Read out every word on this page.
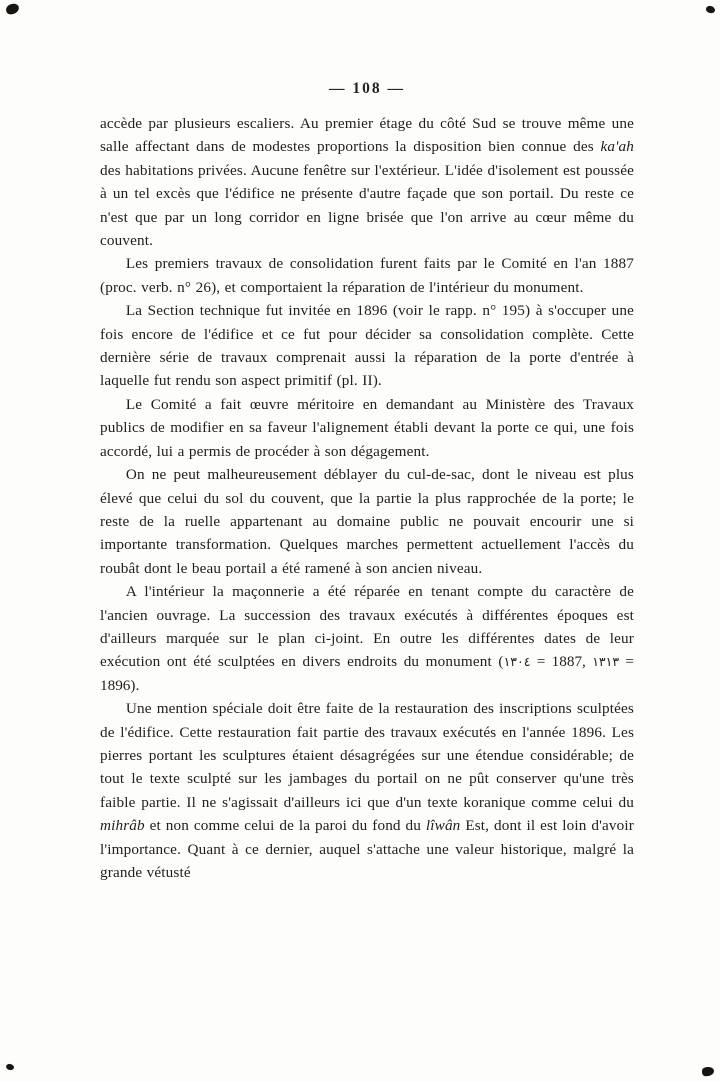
— 108 —

accède par plusieurs escaliers. Au premier étage du côté Sud se trouve même une salle affectant dans de modestes proportions la disposition bien connue des ka'ah des habitations privées. Aucune fenêtre sur l'extérieur. L'idée d'isolement est poussée à un tel excès que l'édifice ne présente d'autre façade que son portail. Du reste ce n'est que par un long corridor en ligne brisée que l'on arrive au cœur même du couvent.

Les premiers travaux de consolidation furent faits par le Comité en l'an 1887 (proc. verb. n° 26), et comportaient la réparation de l'intérieur du monument.

La Section technique fut invitée en 1896 (voir le rapp. n° 195) à s'occuper une fois encore de l'édifice et ce fut pour décider sa consolidation complète. Cette dernière série de travaux comprenait aussi la réparation de la porte d'entrée à laquelle fut rendu son aspect primitif (pl. II).

Le Comité a fait œuvre méritoire en demandant au Ministère des Travaux publics de modifier en sa faveur l'alignement établi devant la porte ce qui, une fois accordé, lui a permis de procéder à son dégagement.

On ne peut malheureusement déblayer du cul-de-sac, dont le niveau est plus élevé que celui du sol du couvent, que la partie la plus rapprochée de la porte; le reste de la ruelle appartenant au domaine public ne pouvait encourir une si importante transformation. Quelques marches permettent actuellement l'accès du roubât dont le beau portail a été ramené à son ancien niveau.

A l'intérieur la maçonnerie a été réparée en tenant compte du caractère de l'ancien ouvrage. La succession des travaux exécutés à différentes époques est d'ailleurs marquée sur le plan ci-joint. En outre les différentes dates de leur exécution ont été sculptées en divers endroits du monument (١٣٠٤ = 1887, ١٣١٣ = 1896).

Une mention spéciale doit être faite de la restauration des inscriptions sculptées de l'édifice. Cette restauration fait partie des travaux exécutés en l'année 1896. Les pierres portant les sculptures étaient désagrégées sur une étendue considérable; de tout le texte sculpté sur les jambages du portail on ne pût conserver qu'une très faible partie. Il ne s'agissait d'ailleurs ici que d'un texte koranique comme celui du mihrâb et non comme celui de la paroi du fond du lîwân Est, dont il est loin d'avoir l'importance. Quant à ce dernier, auquel s'attache une valeur historique, malgré la grande vétusté
